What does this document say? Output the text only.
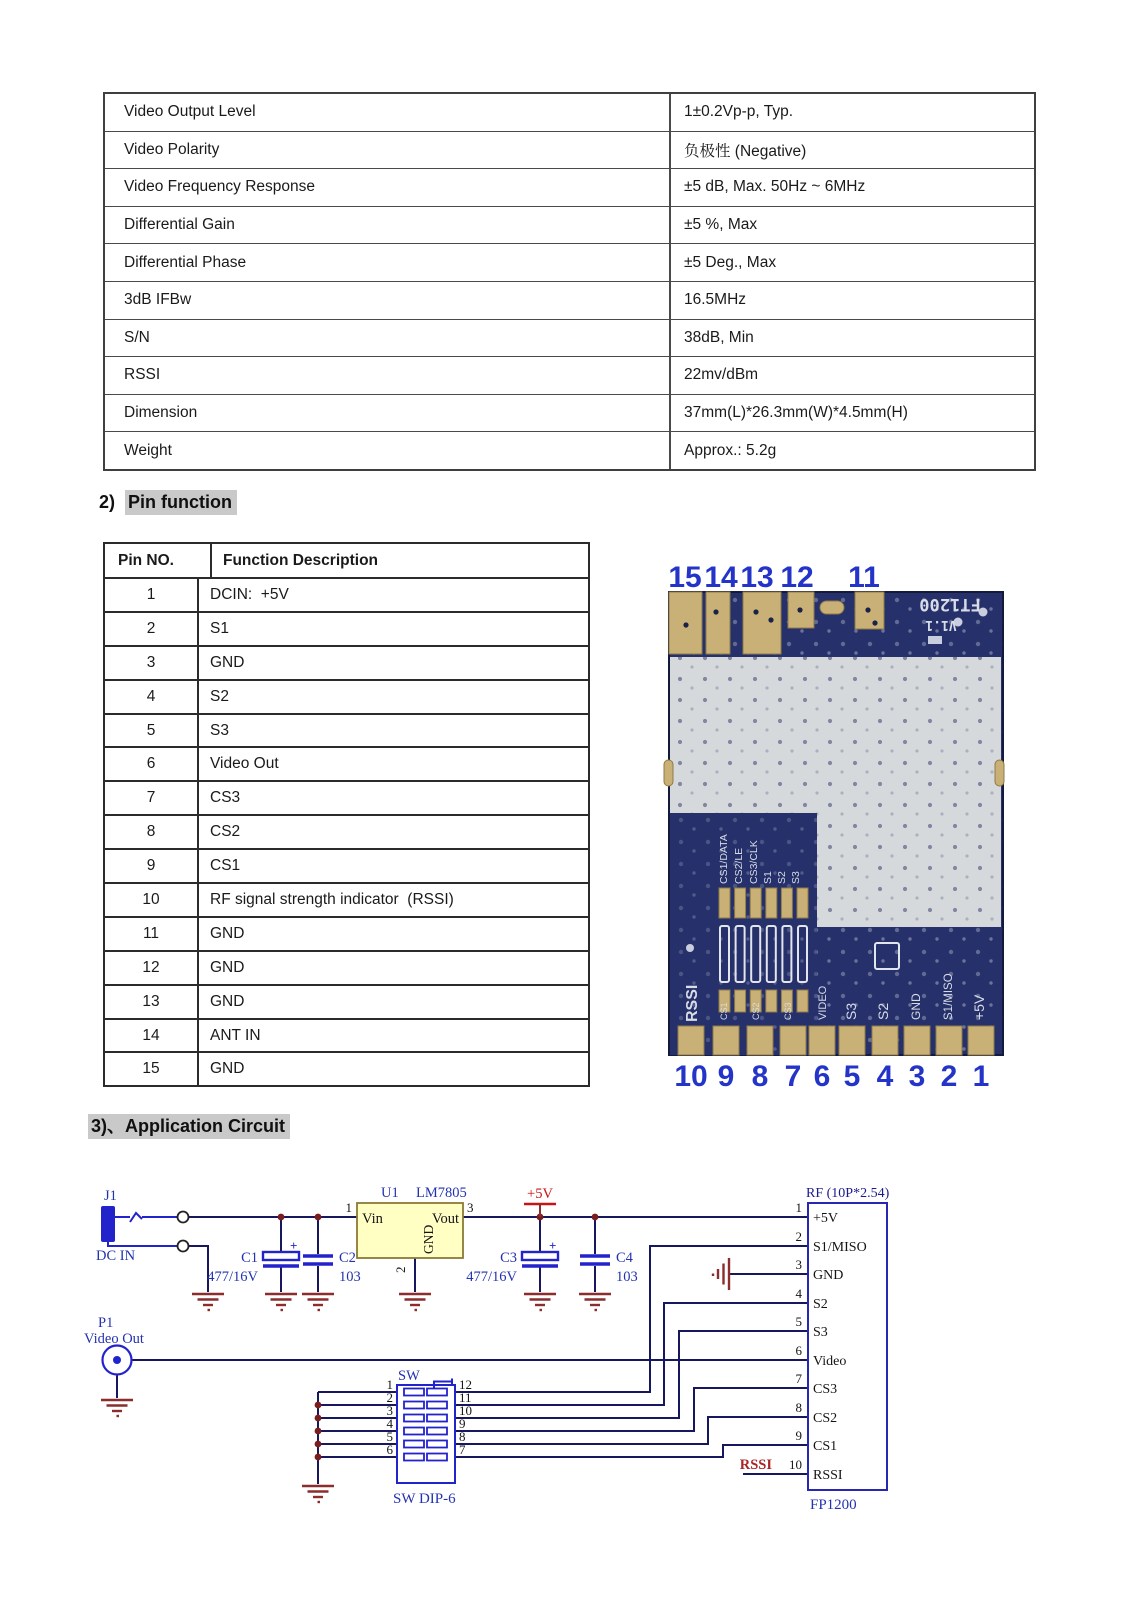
Video Output Level	1±0.2Vp-p, Typ.
Video Polarity	负极性 (Negative)
Video Frequency Response	±5 dB, Max. 50Hz ~ 6MHz
Differential Gain	±5 %, Max
Differential Phase	±5 Deg., Max
3dB IFBw	16.5MHz
S/N	38dB, Min
RSSI	22mv/dBm
Dimension	37mm(L)*26.3mm(W)*4.5mm(H)
Weight	Approx.: 5.2g
2) Pin function
Pin NO.	Function Description
1	DCIN:  +5V
2	S1
3	GND
4	S2
5	S3
6	Video Out
7	CS3
8	CS2
9	CS1
10	RF signal strength indicator  (RSSI)
11	GND
12	GND
13	GND
14	ANT IN
15	GND
FT1200
V1.1
CS1/DATA CS2/LE CS3/CLK S1 S2 S3
RSSI CS1 CS2 CS3 VIDEO S3 S2 GND S1/MISO +5V
15 14 13 12 11
10 9 8 7 6 5 4 3 2 1
3)、Application Circuit
J1
DC IN
+
C1
477/16V
C2
103
U1 LM7805
Vin	Vout
GND
1	3
2
+5V
+
C3
477/16V
C4
103
P1
Video Out
SW
SW DIP-6
1
2
3
4
5
6
12
11
10
9
8
7
RF (10P*2.54)
FP1200
RSSI
+5V
S1/MISO
GND
S2
S3
Video
CS3
CS2
CS1
RSSI
1
2
3
4
5
6
7
8
9
10
